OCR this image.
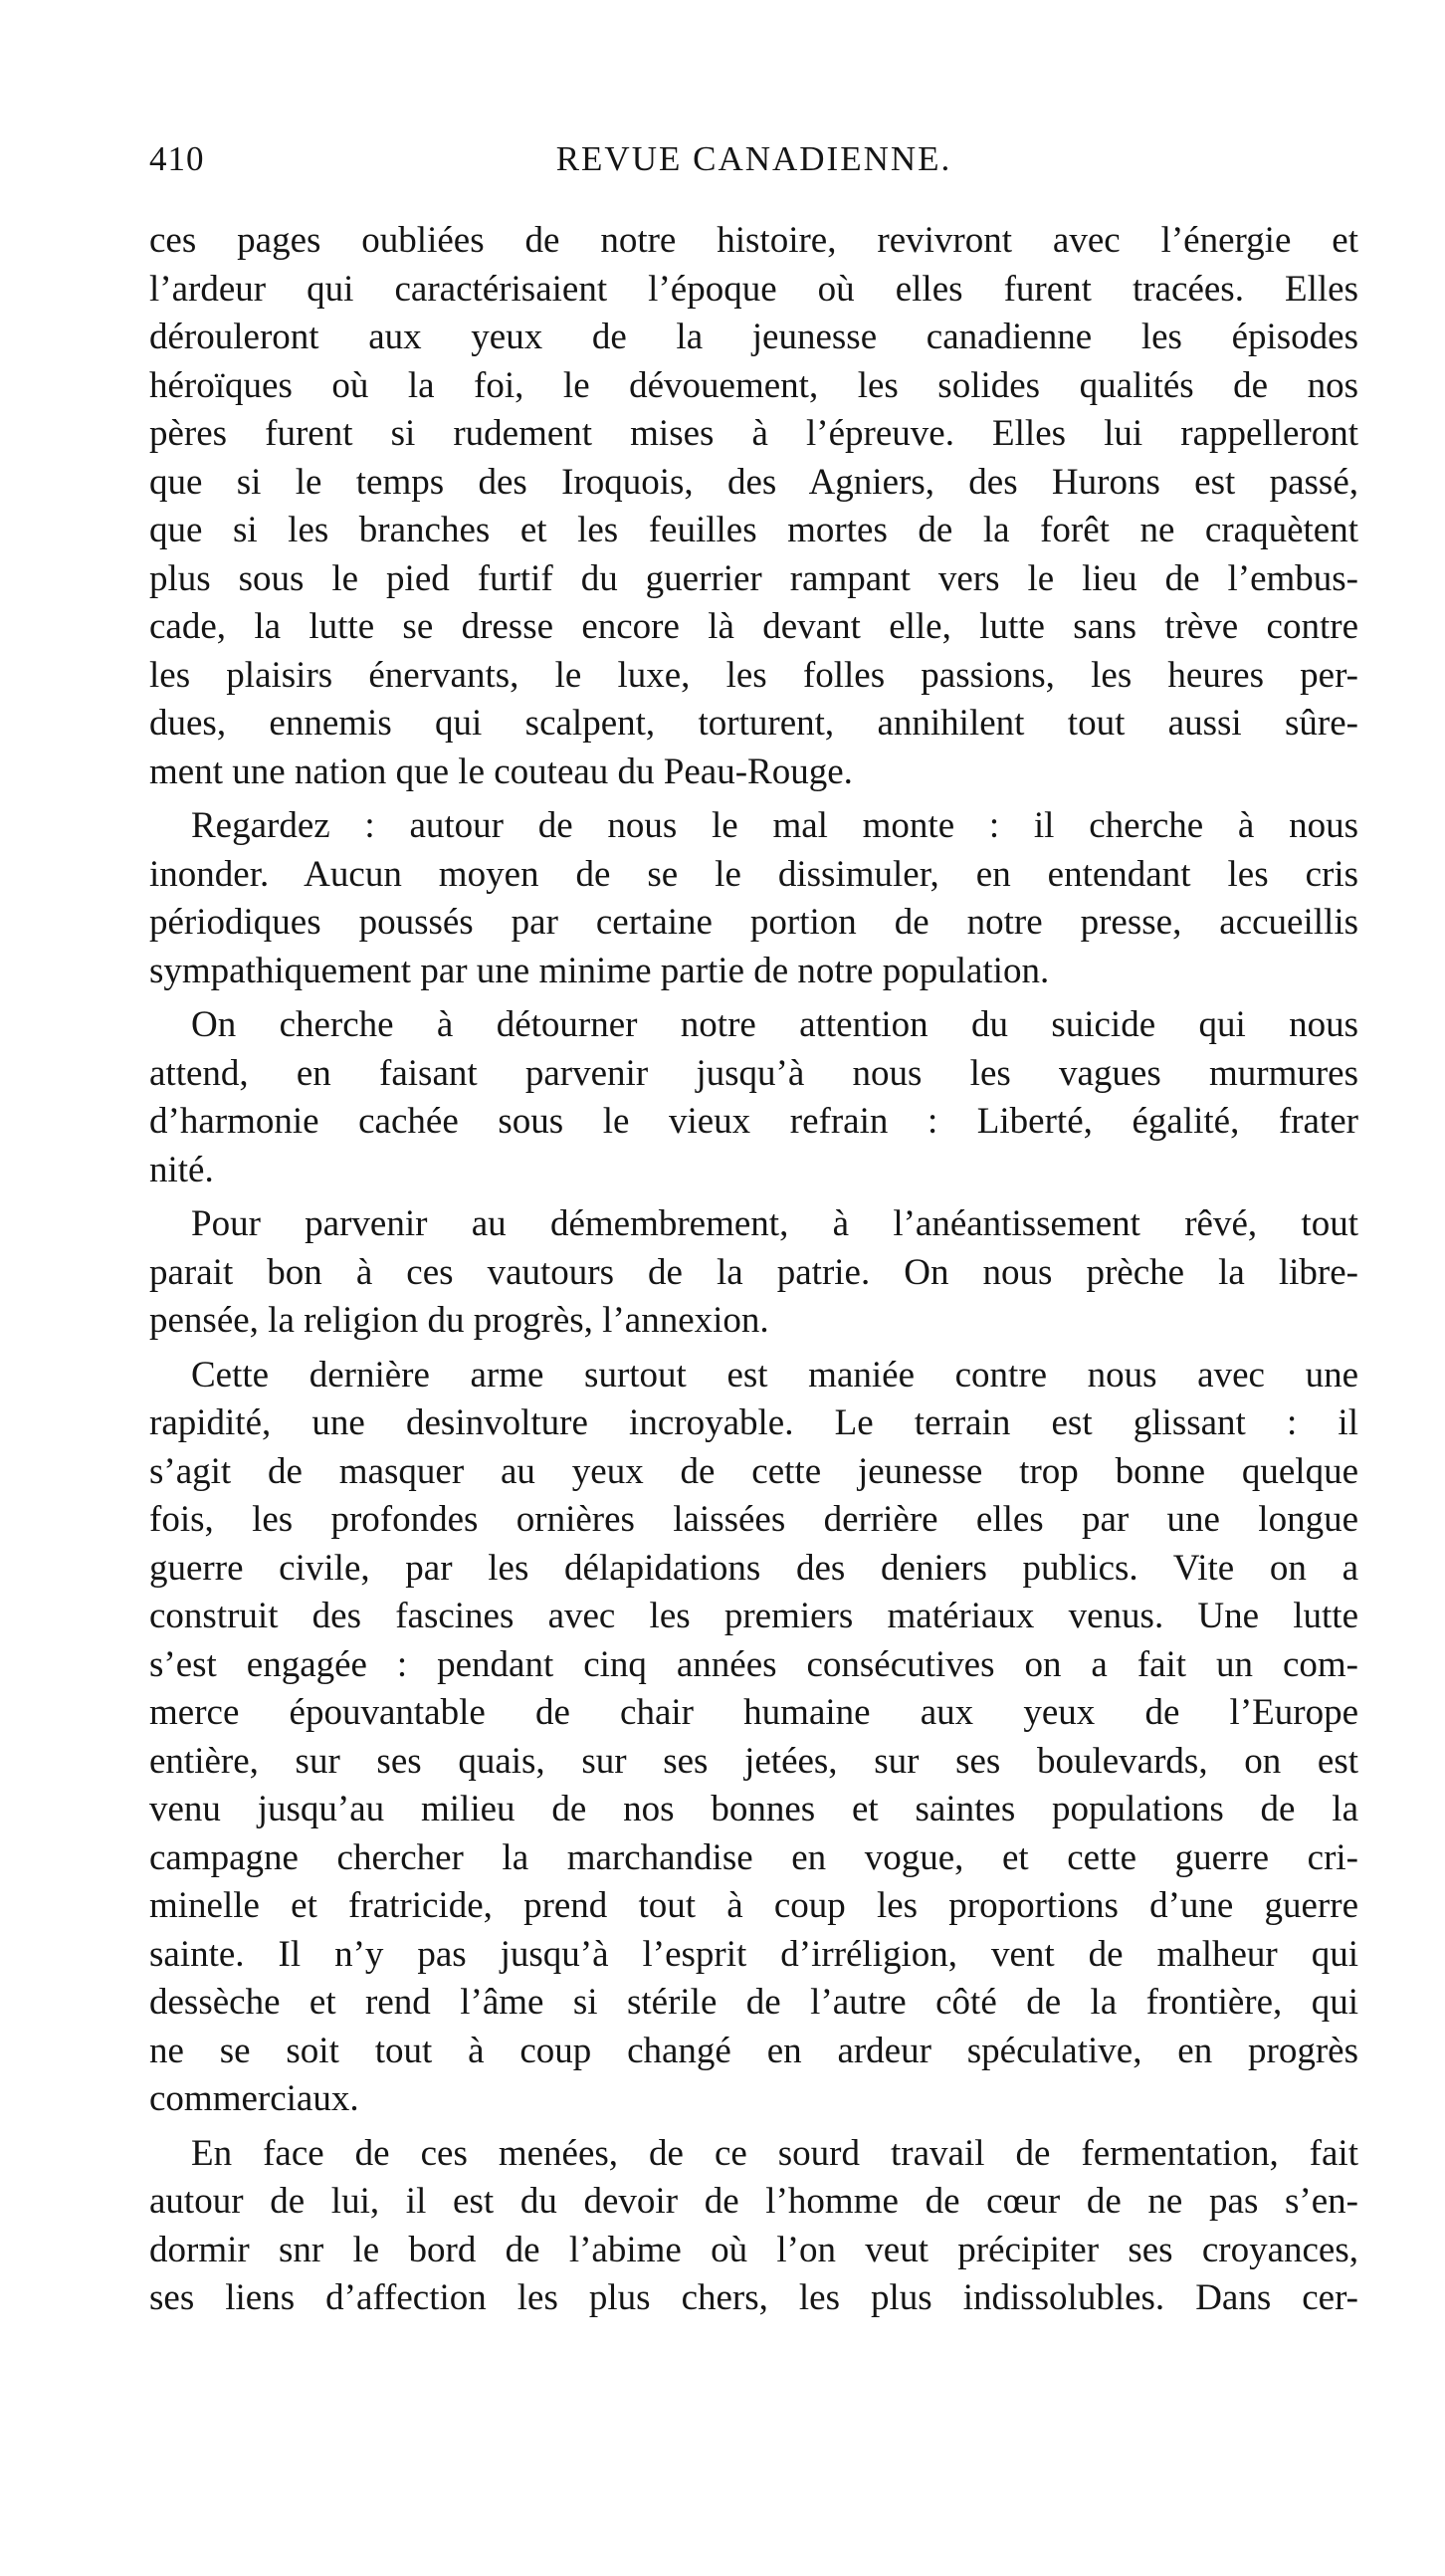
410	REVUE CANADIENNE.
ces pages oubliées de notre histoire, revivront avec l’énergie et
l’ardeur qui caractérisaient l’époque où elles furent tracées. Elles
dérouleront aux yeux de la jeunesse canadienne les épisodes
héroïques où la foi, le dévouement, les solides qualités de nos
pères furent si rudement mises à l’épreuve. Elles lui rappelleront
que si le temps des Iroquois, des Agniers, des Hurons est passé,
que si les branches et les feuilles mortes de la forêt ne craquètent
plus sous le pied furtif du guerrier rampant vers le lieu de l’embus-
cade, la lutte se dresse encore là devant elle, lutte sans trève contre
les plaisirs énervants, le luxe, les folles passions, les heures per-
dues, ennemis qui scalpent, torturent, annihilent tout aussi sûre-
ment une nation que le couteau du Peau-Rouge.
Regardez : autour de nous le mal monte : il cherche à nous
inonder. Aucun moyen de se le dissimuler, en entendant les cris
périodiques poussés par certaine portion de notre presse, accueillis
sympathiquement par une minime partie de notre population.
On cherche à détourner notre attention du suicide qui nous
attend, en faisant parvenir jusqu’à nous les vagues murmures
d’harmonie cachée sous le vieux refrain : Liberté, égalité, frater
nité.
Pour parvenir au démembrement, à l’anéantissement rêvé, tout
parait bon à ces vautours de la patrie. On nous prèche la libre-
pensée, la religion du progrès, l’annexion.
Cette dernière arme surtout est maniée contre nous avec une
rapidité, une desinvolture incroyable. Le terrain est glissant : il
s’agit de masquer au yeux de cette jeunesse trop bonne quelque
fois, les profondes ornières laissées derrière elles par une longue
guerre civile, par les délapidations des deniers publics. Vite on a
construit des fascines avec les premiers matériaux venus. Une lutte
s’est engagée : pendant cinq années consécutives on a fait un com-
merce épouvantable de chair humaine aux yeux de l’Europe
entière, sur ses quais, sur ses jetées, sur ses boulevards, on est
venu jusqu’au milieu de nos bonnes et saintes populations de la
campagne chercher la marchandise en vogue, et cette guerre cri-
minelle et fratricide, prend tout à coup les proportions d’une guerre
sainte. Il n’y pas jusqu’à l’esprit d’irréligion, vent de malheur qui
dessèche et rend l’âme si stérile de l’autre côté de la frontière, qui
ne se soit tout à coup changé en ardeur spéculative, en progrès
commerciaux.
En face de ces menées, de ce sourd travail de fermentation, fait
autour de lui, il est du devoir de l’homme de cœur de ne pas s’en-
dormir snr le bord de l’abime où l’on veut précipiter ses croyances,
ses liens d’affection les plus chers, les plus indissolubles. Dans cer-
